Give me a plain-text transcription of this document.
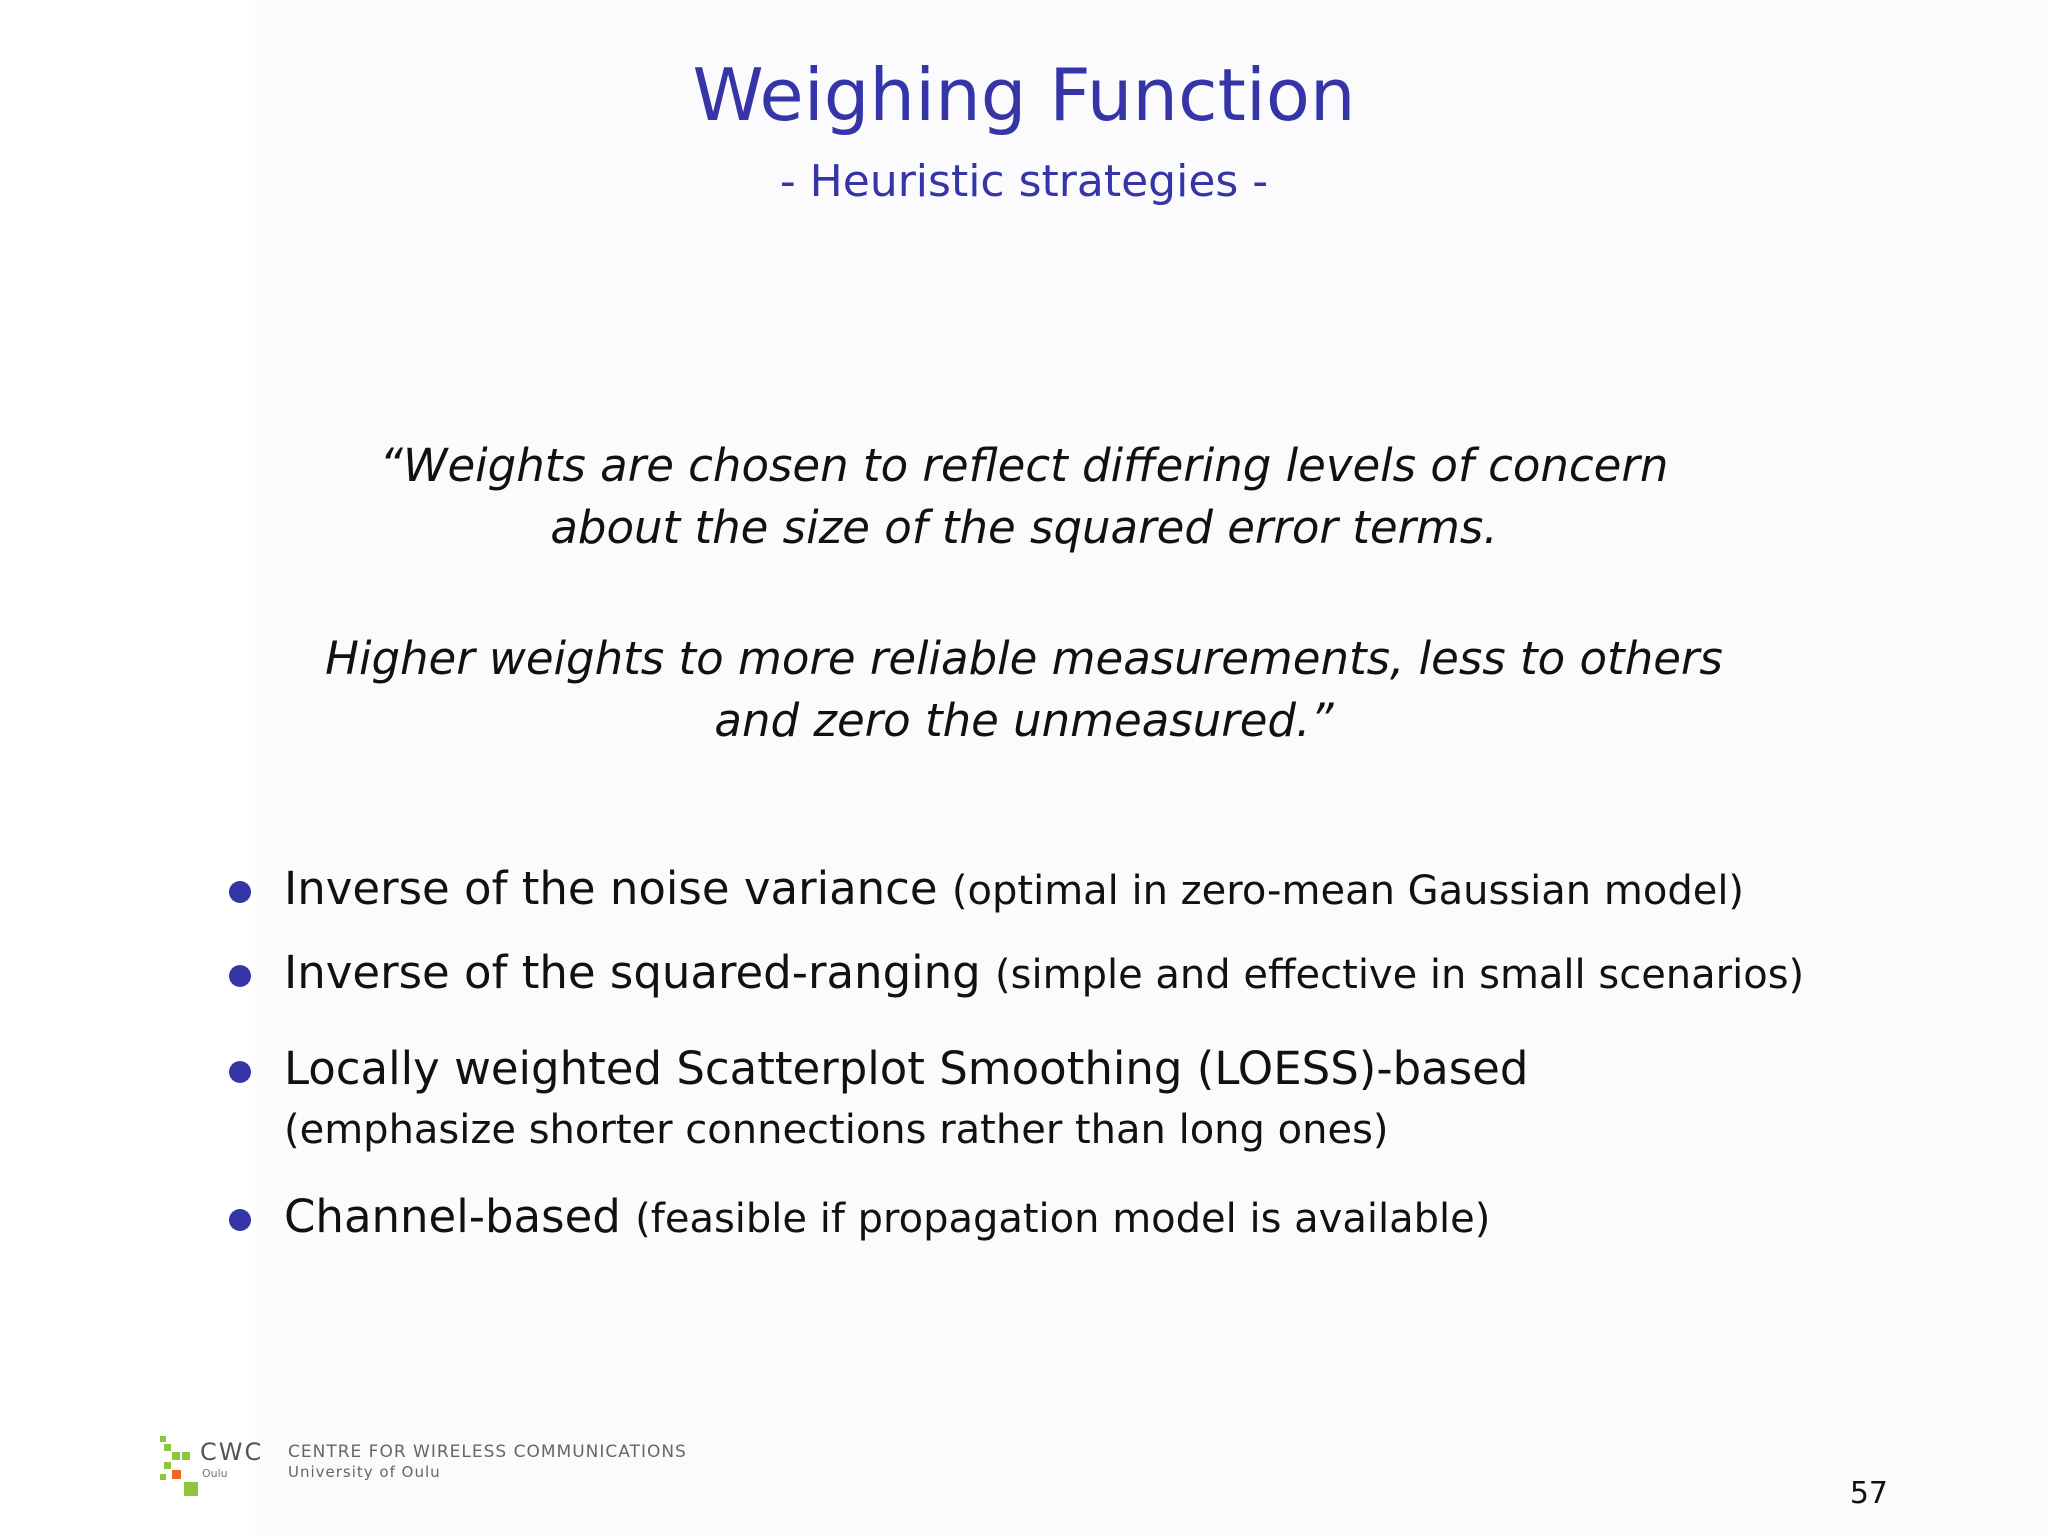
Weighing Function
- Heuristic strategies -
“Weights are chosen to reflect differing levels of concern
about the size of the squared error terms.
Higher weights to more reliable measurements, less to others
and zero the unmeasured.”
Inverse of the noise variance (optimal in zero-mean Gaussian model)
Inverse of the squared-ranging (simple and effective in small scenarios)
Locally weighted Scatterplot Smoothing (LOESS)-based
(emphasize shorter connections rather than long ones)
Channel-based (feasible if propagation model is available)
CWC
Oulu
CENTRE FOR WIRELESS COMMUNICATIONS
University of Oulu
57
